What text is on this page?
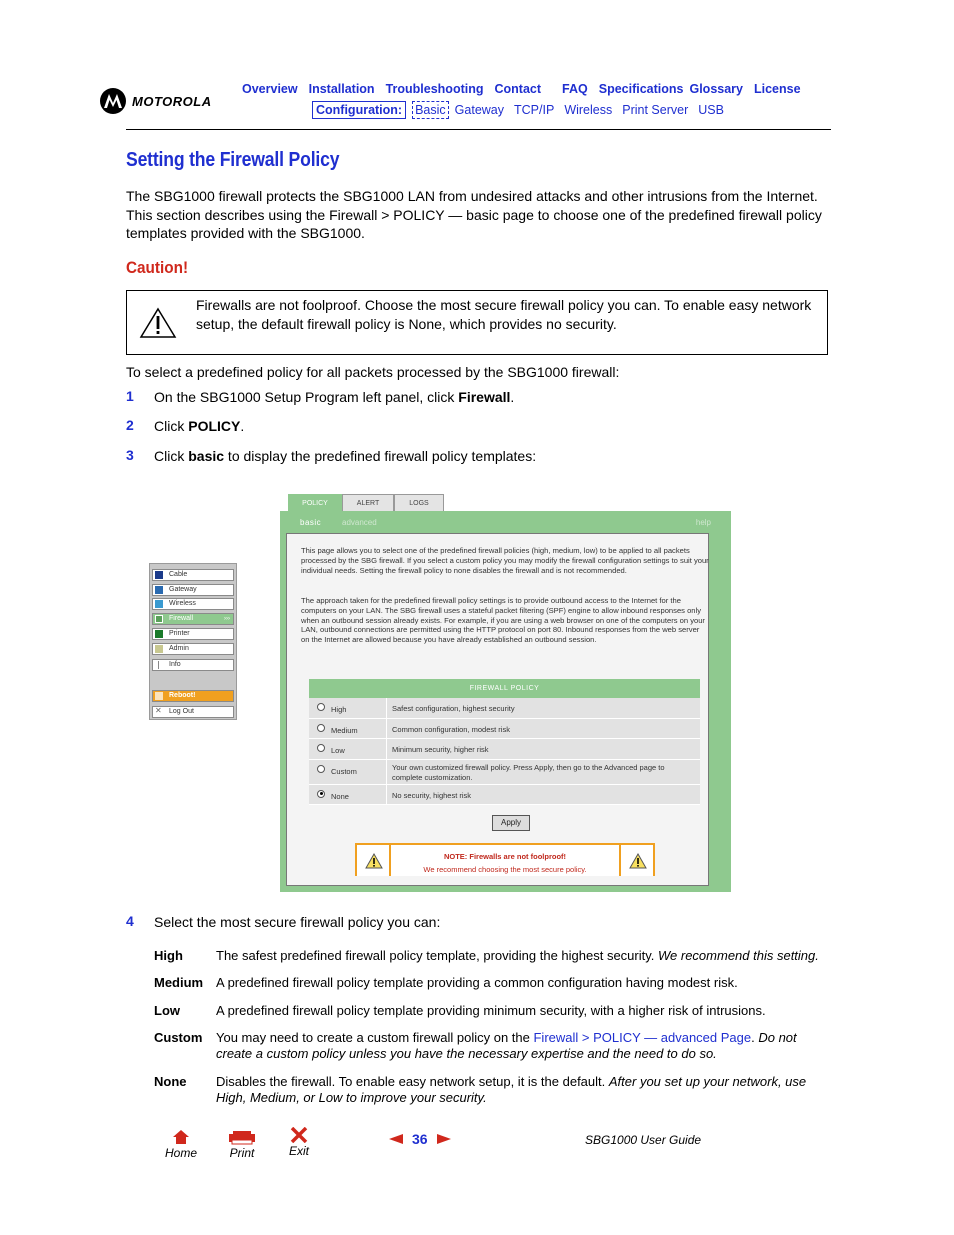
MOTOROLA
Overview Installation Troubleshooting Contact FAQ Specifications Glossary License
Configuration:	Basic Gateway TCP/IP Wireless Print Server USB
Setting the Firewall Policy
The SBG1000 firewall protects the SBG1000 LAN from undesired attacks and other intrusions from the Internet. This section describes using the Firewall > POLICY — basic page to choose one of the predefined firewall policy templates provided with the SBG1000.
Caution!
Firewalls are not foolproof. Choose the most secure firewall policy you can. To enable easy network setup, the default firewall policy is None, which provides no security.
To select a predefined policy for all packets processed by the SBG1000 firewall:
1 On the SBG1000 Setup Program left panel, click Firewall.
2 Click POLICY.
3 Click basic to display the predefined firewall policy templates:
Cable
Gateway
Wireless
Firewall	›››
Printer
Admin
Info
Reboot!
✕ Log Out
POLICY	ALERT	LOGS
basic	advanced	help
This page allows you to select one of the predefined firewall policies (high, medium, low) to be applied to all packets processed by the SBG firewall. If you select a custom policy you may modify the firewall configuration settings to suit your individual needs. Setting the firewall policy to none disables the firewall and is not recommended.
The approach taken for the predefined firewall policy settings is to provide outbound access to the Internet for the computers on your LAN. The SBG firewall uses a stateful packet filtering (SPF) engine to allow inbound responses only when an outbound session already exists. For example, if you are using a web browser on one of the computers on your LAN, outbound connections are permitted using the HTTP protocol on port 80. Inbound responses from the web server on the Internet are allowed because you have already established an outbound session.
FIREWALL POLICY
High	Safest configuration, highest security
Medium	Common configuration, modest risk
Low	Minimum security, higher risk
Custom	Your own customized firewall policy. Press Apply, then go to the Advanced page to complete customization.
None	No security, highest risk
Apply
NOTE: Firewalls are not foolproof!
We recommend choosing the most secure policy.
4 Select the most secure firewall policy you can:
High	The safest predefined firewall policy template, providing the highest security. We recommend this setting.
Medium A predefined firewall policy template providing a common configuration having modest risk.
Low	A predefined firewall policy template providing minimum security, with a higher risk of intrusions.
Custom You may need to create a custom firewall policy on the Firewall > POLICY — advanced Page. Do not create a custom policy unless you have the necessary expertise and the need to do so.
None Disables the firewall. To enable easy network setup, it is the default. After you set up your network, use High, Medium, or Low to improve your security.
Home	Print	Exit
36	SBG1000 User Guide
